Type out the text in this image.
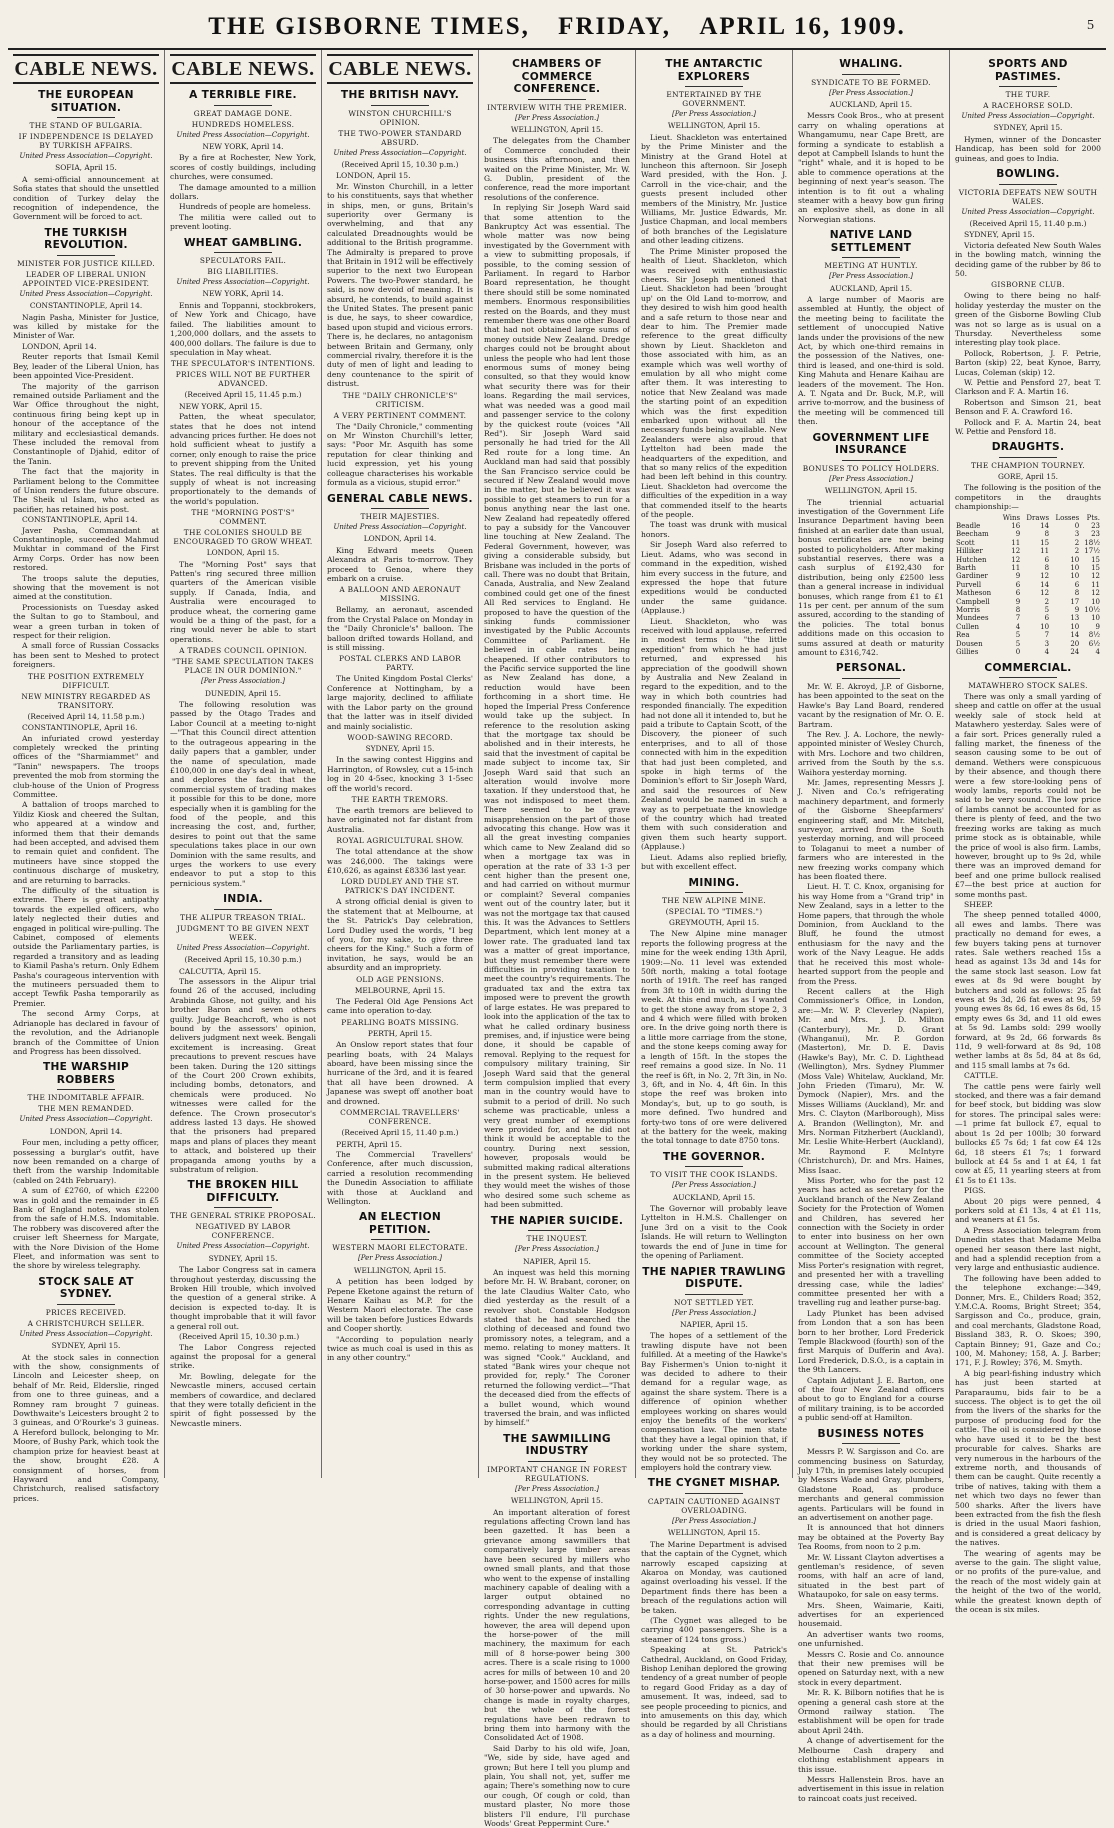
THE GISBORNE TIMES, FRIDAY, APRIL 16, 1909.	5
CABLE NEWS.
THE EUROPEAN SITUATION.
THE STAND OF BULGARIA.
IF INDEPENDENCE IS DELAYED BY TURKISH AFFAIRS.
United Press Association—Copyright.
SOFIA, April 15.

A semi-official announcement at Sofia states that should the unsettled condition of Turkey delay the recognition of independence, the Government will be forced to act.

THE TURKISH REVOLUTION.
MINISTER FOR JUSTICE KILLED.
LEADER OF LIBERAL UNION APPOINTED VICE-PRESIDENT.
United Press Association—Copyright.
CONSTANTINOPLE, April 14.

Nagin Pasha, Minister for Justice, was killed by mistake for the Minister of War.

LONDON, April 14.

Reuter reports that Ismail Kemil Bey, leader of the Liberal Union, has been appointed Vice-President.

The majority of the garrison remained outside Parliament and the War Office throughout the night, continuous firing being kept up in honour of the acceptance of the military and ecclesiastical demands. These included the removal from Constantinople of Djahid, editor of the Tanin.

The fact that the majority in Parliament belong to the Committee of Union renders the future obscure. The Sheik ul Islam, who acted as pacifier, has retained his post.

CONSTANTINOPLE, April 14.

Javer Pasha, Commandant at Constantinople, succeeded Mahmud Mukhtar in command of the First Army Corps. Order has now been restored.

The troops salute the deputies, showing that the movement is not aimed at the constitution.

Processionists on Tuesday asked the Sultan to go to Stamboul, and wear a green turban in token of respect for their religion.

A small force of Russian Cossacks has been sent to Meshed to protect foreigners.

THE POSITION EXTREMELY DIFFICULT.
NEW MINISTRY REGARDED AS TRANSITORY.
(Received April 14, 11.58 p.m.)

CONSTANTINOPLE, April 16.

An infuriated crowd yesterday completely wrecked the printing offices of the "Sharmiammet" and "Tanin" newspapers. The troops prevented the mob from storming the club-house of the Union of Progress Committee.

A battalion of troops marched to Yildiz Kiosk and cheered the Sultan, who appeared at a window and informed them that their demands had been accepted, and advised them to remain quiet and confident. The mutineers have since stopped the continuous discharge of musketry, and are returning to barracks.

The difficulty of the situation is extreme. There is great antipathy towards the expelled officers, who lately neglected their duties and engaged in political wire-pulling. The Cabinet, composed of elements outside the Parliamentary parties, is regarded a transitory and as leading to Kiamil Pasha's return. Only Edhem Pasha's courageous intervention with the mutineers persuaded them to accept Tewfik Pasha temporarily as Premier.

The second Army Corps, at Adrianople has declared in favour of the revolution, and the Adrianople branch of the Committee of Union and Progress has been dissolved.

THE WARSHIP ROBBERS
THE INDOMITABLE AFFAIR.
THE MEN REMANDED.
United Press Association—Copyright.
LONDON, April 14.

Four men, including a petty officer, possessing a burglar's outfit, have now been remanded on a charge of theft from the warship Indomitable (cabled on 24th February).

A sum of £2760, of which £2200 was in gold and the remainder in £5 Bank of England notes, was stolen from the safe of H.M.S. Indomitable. The robbery was discovered after the cruiser left Sheerness for Margate, with the Nore Division of the Home Fleet, and information was sent to the shore by wireless telegraphy.

STOCK SALE AT SYDNEY.
PRICES RECEIVED.
A CHRISTCHURCH SELLER.
United Press Association—Copyright.
SYDNEY, April 15.

At the stock sales in connection with the show, consignments of Lincoln and Leicester sheep, on behalf of Mr. Reid, Elderslie, ringed from one to three guineas, and a Romney ram brought 7 guineas. Dowthwaite's Leicesters brought 2 to 3 guineas, and O'Rourke's 3 guineas. A Hereford bullock, belonging to Mr. Moore, of Bushy Park, which took the champion prize for heaviest beast at the show, brought £28. A consignment of horses, from Hayward and Company, Christchurch, realised satisfactory prices.

CABLE NEWS.
A TERRIBLE FIRE.
GREAT DAMAGE DONE.
HUNDREDS HOMELESS.
United Press Association—Copyright.
NEW YORK, April 14.

By a fire at Rochester, New York, scores of costly buildings, including churches, were consumed.

The damage amounted to a million dollars.

Hundreds of people are homeless.

The militia were called out to prevent looting.

WHEAT GAMBLING.
SPECULATORS FAIL.
BIG LIABILITIES.
United Press Association—Copyright.
NEW YORK, April 14.

Ennis and Toppanni, stockbrokers, of New York and Chicago, have failed. The liabilities amount to 1,200,000 dollars, and the assets to 400,000 dollars. The failure is due to speculation in May wheat.

THE SPECULATOR'S INTENTIONS.
PRICES WILL NOT BE FURTHER ADVANCED.
(Received April 15, 11.45 p.m.)

NEW YORK, April 15.

Patten, the wheat speculator, states that he does not intend advancing prices further. He does not hold sufficient wheat to justify a corner, only enough to raise the price to prevent shipping from the United States. The real difficulty is that the supply of wheat is not increasing proportionately to the demands of the world's population.

THE "MORNING POST'S" COMMENT.
THE COLONIES SHOULD BE ENCOURAGED TO GROW WHEAT.
LONDON, April 15.

The "Morning Post" says that Patten's ring secured three million quarters of the American visible supply. If Canada, India, and Australia were encouraged to produce wheat, the cornering game would be a thing of the past, for a ring would never be able to start operations.

A TRADES COUNCIL OPINION.
"THE SAME SPECULATION TAKES PLACE IN OUR DOMINION."
[Per Press Association.]
DUNEDIN, April 15.

The following resolution was passed by the Otago Trades and Labor Council at a meeting to-night—"That this Council direct attention to the outrageous appearing in the daily papers that a gambler, under the name of speculation, made £100,000 in one day's deal in wheat, and deplores the fact that the commercial system of trading makes it possible for this to be done, more especially when it is gambling for the food of the people, and this increasing the cost, and, further, desires to point out that the same speculations takes place in our own Dominion with the same results, and urges the workers to use every endeavor to put a stop to this pernicious system."

INDIA.
THE ALIPUR TREASON TRIAL.
JUDGMENT TO BE GIVEN NEXT WEEK.
United Press Association—Copyright.
(Received April 15, 10.30 p.m.)

CALCUTTA, April 15.

The assessors in the Alipur trial found 26 of the accused, including Arabinda Ghose, not guilty, and his brother Baron and seven others guilty. Judge Beachcroft, who is not bound by the assessors' opinion, delivers judgment next week. Bengali excitement is increasing. Great precautions to prevent rescues have been taken. During the 120 sittings of the Court 200 Crown exhibits, including bombs, detonators, and chemicals were produced. No witnesses were called for the defence. The Crown prosecutor's address lasted 13 days. He showed that the prisoners had prepared maps and plans of places they meant to attack, and bolstered up their propaganda among youths by a substratum of religion.

THE BROKEN HILL DIFFICULTY.
THE GENERAL STRIKE PROPOSAL.
NEGATIVED BY LABOR CONFERENCE.
United Press Association—Copyright.
SYDNEY, April 15.

The Labor Congress sat in camera throughout yesterday, discussing the Broken Hill trouble, which involved the question of a general strike. A decision is expected to-day. It is thought improbable that it will favor a general roll out.

(Received April 15, 10.30 p.m.)

The Labor Congress rejected against the proposal for a general strike.

Mr. Bowling, delegate for the Newcastle miners, accused certain members of cowardice, and declared that they were totally deficient in the spirit of fight possessed by the Newcastle miners.

CABLE NEWS.
THE BRITISH NAVY.
WINSTON CHURCHILL'S OPINION.
THE TWO-POWER STANDARD ABSURD.
United Press Association—Copyright.
(Received April 15, 10.30 p.m.)

LONDON, April 15.

Mr. Winston Churchill, in a letter to his constituents, says that whether in ships, men, or guns, Britain's superiority over Germany is overwhelming, and that any calculated Dreadnoughts would be additional to the British programme. The Admiralty is prepared to prove that Britain in 1912 will be effectively superior to the next two European Powers. The two-Power standard, he said, is now devoid of meaning. It is absurd, he contends, to build against the United States. The present panic is due, he says, to sheer cowardice, based upon stupid and vicious errors. There is, he declares, no antagonism between Britain and Germany, only commercial rivalry, therefore it is the duty of men of light and leading to deny countenance to the spirit of distrust.

THE "DAILY CHRONICLE'S" CRITICISM.
A VERY PERTINENT COMMENT.

The "Daily Chronicle," commenting on Mr Winston Churchill's letter, says: "Poor Mr. Asquith has some reputation for clear thinking and lucid expression, yet his young colleague characterises his workable formula as a vicious, stupid error."

GENERAL CABLE NEWS.
THEIR MAJESTIES.
United Press Association—Copyright.
LONDON, April 14.

King Edward meets Queen Alexandra at Paris to-morrow. They proceed to Genoa, where they embark on a cruise.

A BALLOON AND AERONAUT MISSING.

Bellamy, an aeronaut, ascended from the Crystal Palace on Monday in the "Daily Chronicle's" balloon. The balloon drifted towards Holland, and is still missing.

POSTAL CLERKS AND LABOR PARTY.

The United Kingdom Postal Clerks' Conference at Nottingham, by a large majority, declined to affiliate with the Labor party on the ground that the latter was in itself divided and mainly socialistic.

WOOD-SAWING RECORD.
SYDNEY, April 15.

In the sawing contest Higgins and Harrington, of Rowsley, cut a 15-inch log in 20 4-5sec, knocking 3 1-5sec off the world's record.

THE EARTH TREMORS.

The earth tremors are believed to have originated not far distant from Australia.

ROYAL AGRICULTURAL SHOW.

The total attendance at the show was 246,000. The takings were £10,626, as against £8336 last year.

LORD DUDLEY AND THE ST. PATRICK'S DAY INCIDENT.

A strong official denial is given to the statement that at Melbourne, at the St. Patrick's Day celebration, Lord Dudley used the words, "I beg of you, for my sake, to give three cheers for the King." Such a form of invitation, he says, would be an absurdity and an impropriety.

OLD AGE PENSIONS.
MELBOURNE, April 15.

The Federal Old Age Pensions Act came into operation to-day.

PEARLING BOATS MISSING.
PERTH, April 15.

An Onslow report states that four pearling boats, with 24 Malays aboard, have been missing since the hurricane of the 3rd, and it is feared that all have been drowned. A Japanese was swept off another boat and drowned.

COMMERCIAL TRAVELLERS' CONFERENCE.
(Received April 15, 11.40 p.m.)

PERTH, April 15.

The Commercial Travellers' Conference, after much discussion, carried a resolution recommending the Dunedin Association to affiliate with those at Auckland and Wellington.

AN ELECTION PETITION.
WESTERN MAORI ELECTORATE.
[Per Press Association.]
WELLINGTON, April 15.

A petition has been lodged by Pepene Eketone against the return of Henare Kaihau as M.P. for the Western Maori electorate. The case will be taken before Justices Edwards and Cooper shortly.

"According to population nearly twice as much coal is used in this as in any other country."

CHAMBERS OF COMMERCE CONFERENCE.
INTERVIEW WITH THE PREMIER.
[Per Press Association.]
WELLINGTON, April 15.

The delegates from the Chamber of Commerce concluded their business this afternoon, and then waited on the Prime Minister, Mr. W. G. Dublin, president of the conference, read the more important resolutions of the conference.

In replying Sir Joseph Ward said that some attention to the Bankruptcy Act was essential. The whole matter was now being investigated by the Government with a view to submitting proposals, if possible, to the coming session of Parliament. In regard to Harbor Board representation, he thought there should still be some nominated members. Enormous responsibilities rested on the Boards, and they must remember there was one other Board that had not obtained large sums of money outside New Zealand. Dredge charges could not be brought about unless the people who had lent those enormous sums of money being consulted, so that they would know what security there was for their loans. Regarding the mail services, what was needed was a good mail and passenger service to the colony by the quickest route (voices "All Red"). Sir Joseph Ward said personally he had tried for the All Red route for a long time. An Auckland man had said that possibly the San Francisco service could be secured if New Zealand would move in the matter, but he believed it was possible to get steamers to run for a bonus anything near the last one. New Zealand had repeatedly offered to pay a subsidy for the Vancouver line touching at New Zealand. The Federal Government, however, was giving a considerable subsidy, but Brisbane was included in the ports of call. There was no doubt that Britain, Canada, Australia, and New Zealand combined could get one of the finest All Red services to England. He proposed to have the question of the sinking funds commissioner investigated by the Public Accounts Committee of Parliament. He believed in cable rates being cheapened. If other contributors to the Pacific service supported the line as New Zealand has done, a reduction would have been forthcoming in a short time. He hoped the Imperial Press Conference would take up the subject. In reference to the resolution asking that the mortgage tax should be abolished and in their interests, he said that the investment of capital be made subject to income tax, Sir Joseph Ward said that such an alteration would involve more taxation. If they understood that, he was not indisposed to meet them. There seemed to be grave misapprehension on the part of those advocating this change. How was it all the great investing companies which came to New Zealand did so when a mortgage tax was in operation at the rate of 33 1-3 per cent higher than the present one, and had carried on without murmur or complaint? Several companies went out of the country later, but it was not the mortgage tax that caused this. It was the Advances to Settlers Department, which lent money at a lower rate. The graduated land tax was a matter of great importance, but they must remember there were difficulties in providing taxation to meet the country's requirements. The graduated tax and the extra tax imposed were to prevent the growth of large estates. He was prepared to look into the application of the tax to what he called ordinary business premises, and, if injustice were being done, it should be capable of removal. Replying to the request for compulsory military training, Sir Joseph Ward said that the general term compulsion implied that every man in the country would have to submit to a period of drill. No such scheme was practicable, unless a very great number of exemptions were provided for, and he did not think it would be acceptable to the country. During next session, however, proposals would be submitted making radical alterations in the present system. He believed they would meet the wishes of those who desired some such scheme as had been submitted.

THE NAPIER SUICIDE.
THE INQUEST.
[Per Press Association.]
NAPIER, April 15.

An inquest was held this morning before Mr. H. W. Brabant, coroner, on the late Claudius Walter Cato, who died yesterday as the result of a revolver shot. Constable Hodgson stated that he had searched the clothing of deceased and found two promissory notes, a telegram, and a memo. relating to money matters. It was signed "Cook." Auckland, and stated "Bank wires your cheque not provided for, reply." The Coroner returned the following verdict—"That the deceased died from the effects of a bullet wound, which wound traversed the brain, and was inflicted by himself."

THE SAWMILLING INDUSTRY
IMPORTANT CHANGE IN FOREST REGULATIONS.
[Per Press Association.]
WELLINGTON, April 15.

An important alteration of forest regulations affecting Crown land has been gazetted. It has been a grievance among sawmillers that comparatively large timber areas have been secured by millers who owned small plants, and that those who went to the expense of installing machinery capable of dealing with a larger output obtained no corresponding advantage in cutting rights. Under the new regulations, however, the area will depend upon the horse-power of the mill machinery, the maximum for each mill of 8 horse-power being 300 acres. There is a scale rising to 1000 acres for mills of between 10 and 20 horse-power, and 1500 acres for mills of 30 horse-power and upwards. No change is made in royalty charges, but the whole of the forest regulations have been redrawn to bring them into harmony with the Consolidated Act of 1908.

Said Darby to his old wife, Joan, "We, side by side, have aged and grown; But here I tell you plump and plain, You shall not, yet, suffer me again; There's something now to cure our cough, Of cough or cold, than mustard plaster, No more those blisters I'll endure, I'll purchase Woods' Great Peppermint Cure."

THE ANTARCTIC EXPLORERS
ENTERTAINED BY THE GOVERNMENT.
[Per Press Association.]
WELLINGTON, April 15.

Lieut. Shackleton was entertained by the Prime Minister and the Ministry at the Grand Hotel at luncheon this afternoon. Sir Joseph Ward presided, with the Hon. J. Carroll in the vice-chair, and the guests present included other members of the Ministry, Mr. Justice Williams, Mr. Justice Edwards, Mr. Justice Chapman, and local members of both branches of the Legislature and other leading citizens.

The Prime Minister proposed the health of Lieut. Shackleton, which was received with enthusiastic cheers. Sir Joseph mentioned that Lieut. Shackleton had been 'brought up' on the Old Land to-morrow, and they desired to wish him good health and a safe return to those near and dear to him. The Premier made reference to the great difficulty shown by Lieut. Shackleton and those associated with him, as an example which was well worthy of emulation by all who might come after them. It was interesting to notice that New Zealand was made the starting point of an expedition which was the first expedition embarked upon without all the necessary funds being available. New Zealanders were also proud that Lyttelton had been made the headquarters of the expedition, and that so many relics of the expedition had been left behind in this country. Lieut. Shackleton had overcome the difficulties of the expedition in a way that commended itself to the hearts of the people.

The toast was drunk with musical honors.

Sir Joseph Ward also referred to Lieut. Adams, who was second in command in the expedition, wished him every success in the future, and expressed the hope that future expeditions would be conducted under the same guidance. (Applause.)

Lieut. Shackleton, who was received with loud applause, referred in modest terms to "the little expedition" from which he had just returned, and expressed his appreciation of the goodwill shown by Australia and New Zealand in regard to the expedition, and to the way in which both countries had responded financially. The expedition had not done all it intended to, but he paid a tribute to Captain Scott, of the Discovery, the pioneer of such enterprises, and to all of those connected with him in the expedition that had just been completed, and spoke in high terms of the Dominion's effort to Sir Joseph Ward, and said the resources of New Zealand would be named in such a way as to perpetuate the knowledge of the country which had treated them with such consideration and given them such hearty support. (Applause.)

Lieut. Adams also replied briefly, but with excellent effect.

MINING.
THE NEW ALPINE MINE.
(SPECIAL TO "TIMES.")
GREYMOUTH, April 15.

The New Alpine mine manager reports the following progress at the mine for the week ending 13th April, 1909:—No. 11 level was extended 50ft north, making a total footage north of 191ft. The reef has ranged from 3ft to 10ft in width during the week. At this end much, as I wanted to get the stone away from stope 2, 3 and 4 which were filled with broken ore. In the drive going north there is a little more carriage from the stone, and the stone keeps coming away for a length of 15ft. In the stopes the reef remains a good size. In No. 11 the reef is 6ft, in No. 2, 7ft 3in, in No. 3, 6ft, and in No. 4, 4ft 6in. In this stope the reef was broken into Monday's, but, up to go south, is more defined. Two hundred and forty-two tons of ore were delivered at the battery for the week, making the total tonnage to date 8750 tons.

THE GOVERNOR.
TO VISIT THE COOK ISLANDS.
[Per Press Association.]
AUCKLAND, April 15.

The Governor will probably leave Lyttelton in H.M.S. Challenger on June 3rd on a visit to the Cook Islands. He will return to Wellington towards the end of June in time for the opening of Parliament.

THE NAPIER TRAWLING DISPUTE.
NOT SETTLED YET.
[Per Press Association.]
NAPIER, April 15.

The hopes of a settlement of the trawling dispute have not been fulfilled. At a meeting of the Hawke's Bay Fishermen's Union to-night it was decided to adhere to their demand for a regular wage, as against the share system. There is a difference of opinion whether employees working on shares would enjoy the benefits of the workers' compensation law. The men state that they have a legal opinion that, if working under the share system, they would not be so protected. The employers hold the contrary view.

THE CYGNET MISHAP.
CAPTAIN CAUTIONED AGAINST OVERLOADING.
[Per Press Association.]
WELLINGTON, April 15.

The Marine Department is advised that the captain of the Cygnet, which narrowly escaped capsizing at Akaroa on Monday, was cautioned against overloading his vessel. If the Department finds there has been a breach of the regulations action will be taken.

(The Cygnet was alleged to be carrying 400 passengers. She is a steamer of 124 tons gross.)

Speaking at St. Patrick's Cathedral, Auckland, on Good Friday, Bishop Lenihan deplored the growing tendency of a great number of people to regard Good Friday as a day of amusement. It was, indeed, sad to see people proceeding to picnics, and into amusements on this day, which should be regarded by all Christians as a day of holiness and mourning.

WHALING.
SYNDICATE TO BE FORMED.
[Per Press Association.]
AUCKLAND, April 15.

Messrs Cook Bros., who at present carry on whaling operations at Whangamumu, near Cape Brett, are forming a syndicate to establish a depot at Campbell Islands to hunt the "right" whale, and it is hoped to be able to commence operations at the beginning of next year's season. The intention is to fit out a whaling steamer with a heavy bow gun firing an explosive shell, as done in all Norwegian stations.

NATIVE LAND SETTLEMENT
MEETING AT HUNTLY.
[Per Press Association.]
AUCKLAND, April 15.

A large number of Maoris are assembled at Huntly, the object of the meeting being to facilitate the settlement of unoccupied Native lands under the provisions of the new Act, by which one-third remains in the possession of the Natives, one-third is leased, and one-third is sold. King Mahuta and Henare Kaihau are leaders of the movement. The Hon. A. T. Ngata and Dr. Buck, M.P., will arrive to-morrow, and the business of the meeting will be commenced till then.

GOVERNMENT LIFE INSURANCE
BONUSES TO POLICY HOLDERS.
[Per Press Association.]
WELLINGTON, April 15.

The triennial actuarial investigation of the Government Life Insurance Department having been finished at an earlier date than usual, bonus certificates are now being posted to policyholders. After making substantial reserves, there was a cash surplus of £192,430 for distribution, being only £2500 less than a general increase in individual bonuses, which range from £1 to £1 11s per cent. per annum of the sum assured, according to the standing of the policies. The total bonus additions made on this occasion to sums assured at death or maturity amount to £316,742.

PERSONAL.

Mr. W. E. Akroyd, J.P. of Gisborne, has been appointed to the seat on the Hawke's Bay Land Board, rendered vacant by the resignation of Mr. O. E. Bartram.

The Rev. J. A. Lochore, the newly-appointed minister of Wesley Church, with Mrs. Lochore and two children, arrived from the South by the s.s. Waihora yesterday morning.

Mr. James, representing Messrs J. J. Niven and Co.'s refrigerating machinery department, and formerly of the Gisborne Sheepfarmers' engineering staff, and Mr. Mitchell, surveyor, arrived from the South yesterday morning, and will proceed to Tolaganui to meet a number of farmers who are interested in the new freezing works company which has been floated there.

Lieut. H. T. C. Knox, organising for his way Home from a "Grand trip" in New Zealand, says in a letter to the Home papers, that through the whole Dominion, from Auckland to the Bluff, he found the utmost enthusiasm for the navy and the work of the Navy League. He adds that he received this most whole-hearted support from the people and from the Press.

Recent callers at the High Commissioner's Office, in London, are:—Mr. W. P. Cleverley (Napier), Mr. and Mrs. J. D. Milton (Canterbury), Mr. D. Grant (Whanganui), Mr. P. Gordon (Masterton), Mr. D. E. Davis (Hawke's Bay), Mr. C. D. Lighthead (Wellington), Mrs. Sydney Plummer (Moss Vale) Whitelaw, Auckland, Mr. John Frieden (Timaru), Mr. W. Dymock (Napier), Mrs. and the Misses Williams (Auckland), Mr. and Mrs. C. Clayton (Marlborough), Miss A. Brandon (Wellington), Mr. and Mrs. Norman Fitzherbert (Auckland), Mr. Leslie White-Herbert (Auckland), Mr. Raymond F. McIntyre (Christchurch), Dr. and Mrs. Haines, Miss Isaac.

Miss Porter, who for the past 12 years has acted as secretary for the Auckland branch of the New Zealand Society for the Protection of Women and Children, has severed her connection with the Society in order to enter into business on her own account at Wellington. The general committee of the Society accepted Miss Porter's resignation with regret, and presented her with a travelling dressing case, while the ladies' committee presented her with a travelling rug and leather purse-bag.

Lady Plunket has been advised from London that a son has been born to her brother, Lord Frederick Temple Blackwood (fourth) son of the first Marquis of Dufferin and Ava). Lord Frederick, D.S.O., is a captain in the 9th Lancers.

Captain Adjutant J. E. Barton, one of the four New Zealand officers about to go to England for a course of military training, is to be accorded a public send-off at Hamilton.

BUSINESS NOTES

Messrs P. W. Sargisson and Co. are commencing business on Saturday, July 17th, in premises lately occupied by Messrs Wade and Gray, plumbers, Gladstone Road, as produce merchants and general commission agents. Particulars will be found in an advertisement on another page.

It is announced that hot dinners may be obtained at the Poverty Bay Tea Rooms, from noon to 2 p.m.

Mr. W. Lissant Clayton advertises a gentleman's residence, of seven rooms, with half an acre of land, situated in the best part of Whataupoko, for sale on easy terms.

Mrs. Sheen, Waimarie, Kaiti, advertises for an experienced housemaid.

An advertiser wants two rooms, one unfurnished.

Messrs C. Rosie and Co. announce that their new premises will be opened on Saturday next, with a new stock in every department.

Mr. R. K. Bilborn notifies that he is opening a general cash store at the Ormond railway station. The establishment will be open for trade about April 24th.

A change of advertisement for the Melbourne Cash drapery and clothing establishment appears in this issue.

Messrs Hallenstein Bros. have an advertisement in this issue in relation to raincoat coats just received.

SPORTS AND PASTIMES.
THE TURF.
A RACEHORSE SOLD.
United Press Association—Copyright.
SYDNEY, April 15.

Hymen, winner of the Doncaster Handicap, has been sold for 2000 guineas, and goes to India.

BOWLING.
VICTORIA DEFEATS NEW SOUTH WALES.
United Press Association—Copyright.
(Received April 15, 11.40 p.m.)

SYDNEY, April 15.

Victoria defeated New South Wales in the bowling match, winning the deciding game of the rubber by 86 to 50.

GISBORNE CLUB.

Owing to there being no half-holiday yesterday the muster on the green of the Gisborne Bowling Club was not so large as is usual on a Thursday. Nevertheless some interesting play took place.

Pollock, Robertson, J. F. Petrie, Barton (skip) 22, beat Kynoe, Barry, Lucas, Coleman (skip) 12.

W. Pettie and Pensford 27, beat T. Clarkson and F. A. Martin 16.

Robertson and Simson 21, beat Benson and F. A. Crawford 16.

Pollock and F. A. Martin 24, beat W. Pettie and Pensford 18.

DRAUGHTS.
THE CHAMPION TOURNEY.
GORE, April 15.

The following is the position of the competitors in the draughts championship:—

	Wins	Draws	Losses	Pts.
Beadle	16	14	0	23
Beecham	9	8	3	23
Scott	11	15	2	18½
Hilliker	12	11	2	17½
Hutchen	12	6	10	15
Barth	11	8	10	15
Gardiner	9	12	10	12
Purvell	6	14	6	11
Matheson	6	12	8	12
Campbell	9	2	17	10
Morris	8	5	9	10½
Mundees	7	6	13	10
Cullen	4	10	10	9
Rea	5	7	14	8½
Dousen	5	3	20	6½
Gillies	0	4	24	4
COMMERCIAL.
MATAWHERO STOCK SALES.

There was only a small yarding of sheep and cattle on offer at the usual weekly sale of stock held at Matawhero yesterday. Sales were of a fair sort. Prices generally ruled a falling market, the fineness of the season causing some to be out of demand. Wethers were conspicuous by their absence, and though there were a few store-looking pens of wooly lambs, reports could not be said to be very sound. The low price of lambs cannot be accounted for as there is plenty of feed, and the two freezing works are taking as much prime stock as is obtainable, while the price of wool is also firm. Lambs, however, brought up to 9s 2d, while there was an improved demand for beef and one prime bullock realised £7—the best price at auction for some months past.

SHEEP.

The sheep penned totalled 4000, all ewes and lambs. There was practically no demand for ewes, a few buyers taking pens at turnover rates. Sale wethers reached 15s a head as against 13s 3d and 14s for the same stock last season. Low fat ewes at 8s 9d were bought by butchers and sold as follows: 25 fat ewes at 9s 3d, 26 fat ewes at 9s, 59 young ewes 8s 6d, 16 ewes 8s 6d, 15 empty ewes 6s 3d, and 11 old ewes at 5s 9d. Lambs sold: 299 woolly forward, at 9s 2d, 66 forwards 8s 11d, 9 well-forward at 8s 9d, 108 wether lambs at 8s 5d, 84 at 8s 6d, and 115 small lambs at 7s 6d.

CATTLE.

The cattle pens were fairly well stocked, and there was a fair demand for beef stock, but bidding was slow for stores. The principal sales were:—1 prime fat bullock £7, equal to about 1s 2d per 100lb; 30 forward bullocks £5 7s 6d; 1 fat cow £4 12s 6d, 18 steers £1 7s; 1 forward bullock at £4 5s and 1 at £4, 1 fat cow at £5, 11 yearling steers at from £1 5s to £1 13s.

PIGS.

About 20 pigs were penned, 4 porkers sold at £1 13s, 4 at £1 11s, and weaners at £1 5s.

A Press Association telegram from Dunedin states that Madame Melba opened her season there last night, and had a splendid reception from a very large and enthusiastic audience.

The following have been added to the telephone exchange:—349, Donner, Mrs. E., Childers Road; 352, Y.M.C.A. Rooms, Bright Street; 354, Sargisson and Co., produce, grain, and coal merchants, Gladstone Road, Bissland 383, R. O. Skoes; 390, Captain Binney; 91, Gaze and Co.; 100, M. Mahoney; 158, A. J. Barber; 171, F. J. Rowley; 376, M. Smyth.

A big pearl-fishing industry which has just been started at Paraparaumu, bids fair to be a success. The object is to get the oil from the livers of the sharks for the purpose of producing food for the cattle. The oil is considered by those who have used it to be the best procurable for calves. Sharks are very numerous in the harbours of the extreme north, and thousands of them can be caught. Quite recently a tribe of natives, taking with them a net which two days no fewer than 500 sharks. After the livers have been extracted from the fish the flesh is dried in the usual Maori fashion, and is considered a great delicacy by the natives.

The wearing of agents may be averse to the gain. The slight value, or no profits of the pure-value, and the reach of the most widely gain at the height of the two of the world, while the greatest known depth of the ocean is six miles.
